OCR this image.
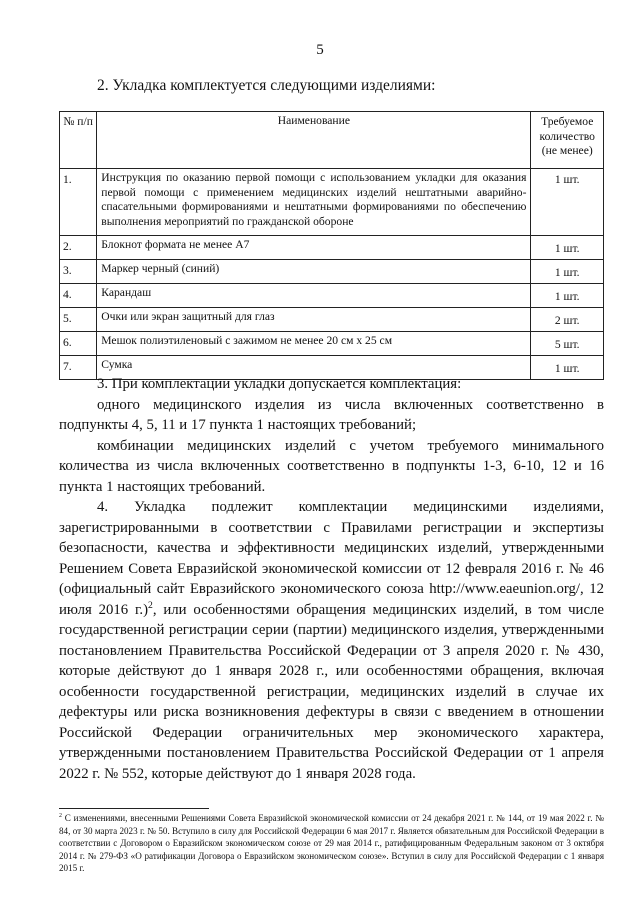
5
2. Укладка комплектуется следующими изделиями:
№ п/п	Наименование	Требуемое количество (не менее)
1.	Инструкция по оказанию первой помощи с использованием укладки для оказания первой помощи с применением медицинских изделий нештатными аварийно-спасательными формированиями и нештатными формированиями по обеспечению выполнения мероприятий по гражданской обороне	1 шт.
2.	Блокнот формата не менее А7	1 шт.
3.	Маркер черный (синий)	1 шт.
4.	Карандаш	1 шт.
5.	Очки или экран защитный для глаз	2 шт.
6.	Мешок полиэтиленовый с зажимом не менее 20 см х 25 см	5 шт.
7.	Сумка	1 шт.

3. При комплектации укладки допускается комплектация:

одного медицинского изделия из числа включенных соответственно в подпункты 4, 5, 11 и 17 пункта 1 настоящих требований;

комбинации медицинских изделий с учетом требуемого минимального количества из числа включенных соответственно в подпункты 1-3, 6-10, 12 и 16 пункта 1 настоящих требований.

4. Укладка подлежит комплектации медицинскими изделиями, зарегистрированными в соответствии с Правилами регистрации и экспертизы безопасности, качества и эффективности медицинских изделий, утвержденными Решением Совета Евразийской экономической комиссии от 12 февраля 2016 г. № 46 (официальный сайт Евразийского экономического союза http://www.eaeunion.org/, 12 июля 2016 г.)$^2$, или особенностями обращения медицинских изделий, в том числе государственной регистрации серии (партии) медицинского изделия, утвержденными постановлением Правительства Российской Федерации от 3 апреля 2020 г. № 430, которые действуют до 1 января 2028 г., или особенностями обращения, включая особенности государственной регистрации, медицинских изделий в случае их дефектуры или риска возникновения дефектуры в связи с введением в отношении Российской Федерации ограничительных мер экономического характера, утвержденными постановлением Правительства Российской Федерации от 1 апреля 2022 г. № 552, которые действуют до 1 января 2028 года.

$^2$ С изменениями, внесенными Решениями Совета Евразийской экономической комиссии от 24 декабря 2021 г. № 144, от 19 мая 2022 г. № 84, от 30 марта 2023 г. № 50. Вступило в силу для Российской Федерации 6 мая 2017 г. Является обязательным для Российской Федерации в соответствии с Договором о Евразийском экономическом союзе от 29 мая 2014 г., ратифицированным Федеральным законом от 3 октября 2014 г. № 279-ФЗ «О ратификации Договора о Евразийском экономическом союзе». Вступил в силу для Российской Федерации с 1 января 2015 г.
